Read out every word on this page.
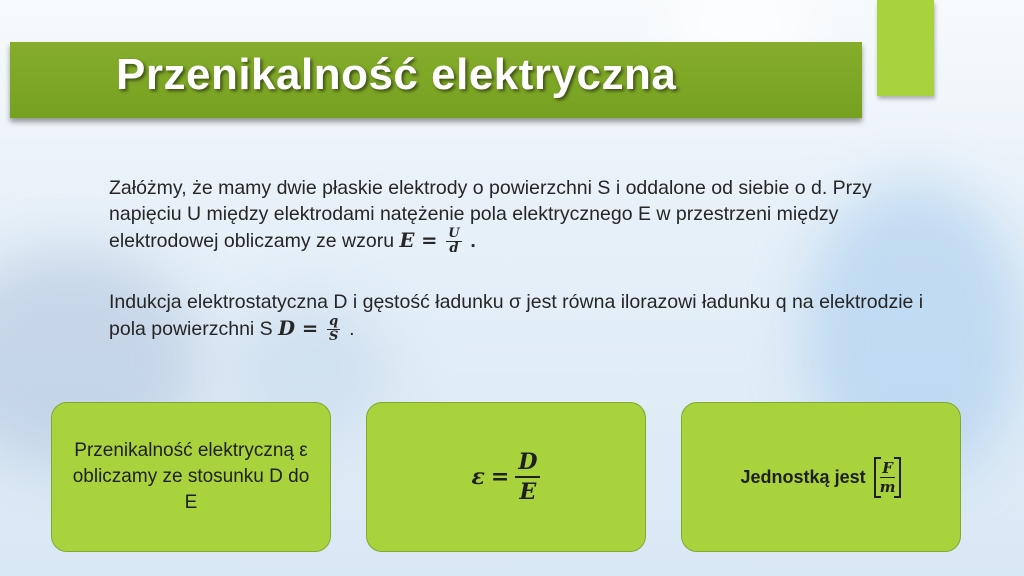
Przenikalność elektryczna
Załóżmy, że mamy dwie płaskie elektrody o powierzchni S i oddalone od siebie o d. Przy napięciu U między elektrodami natężenie pola elektrycznego E w przestrzeni między elektrodowej obliczamy ze wzoru $E = \frac{U}{d}$ .
Indukcja elektrostatyczna D i gęstość ładunku σ jest równa ilorazowi ładunku q na elektrodzie i pola powierzchni S $D = \frac{q}{S}$ .
Przenikalność elektryczną ε obliczamy ze stosunku D do E
$\varepsilon = \frac{D}{E}$	Jednostką jest $\frac{F}{m}$
